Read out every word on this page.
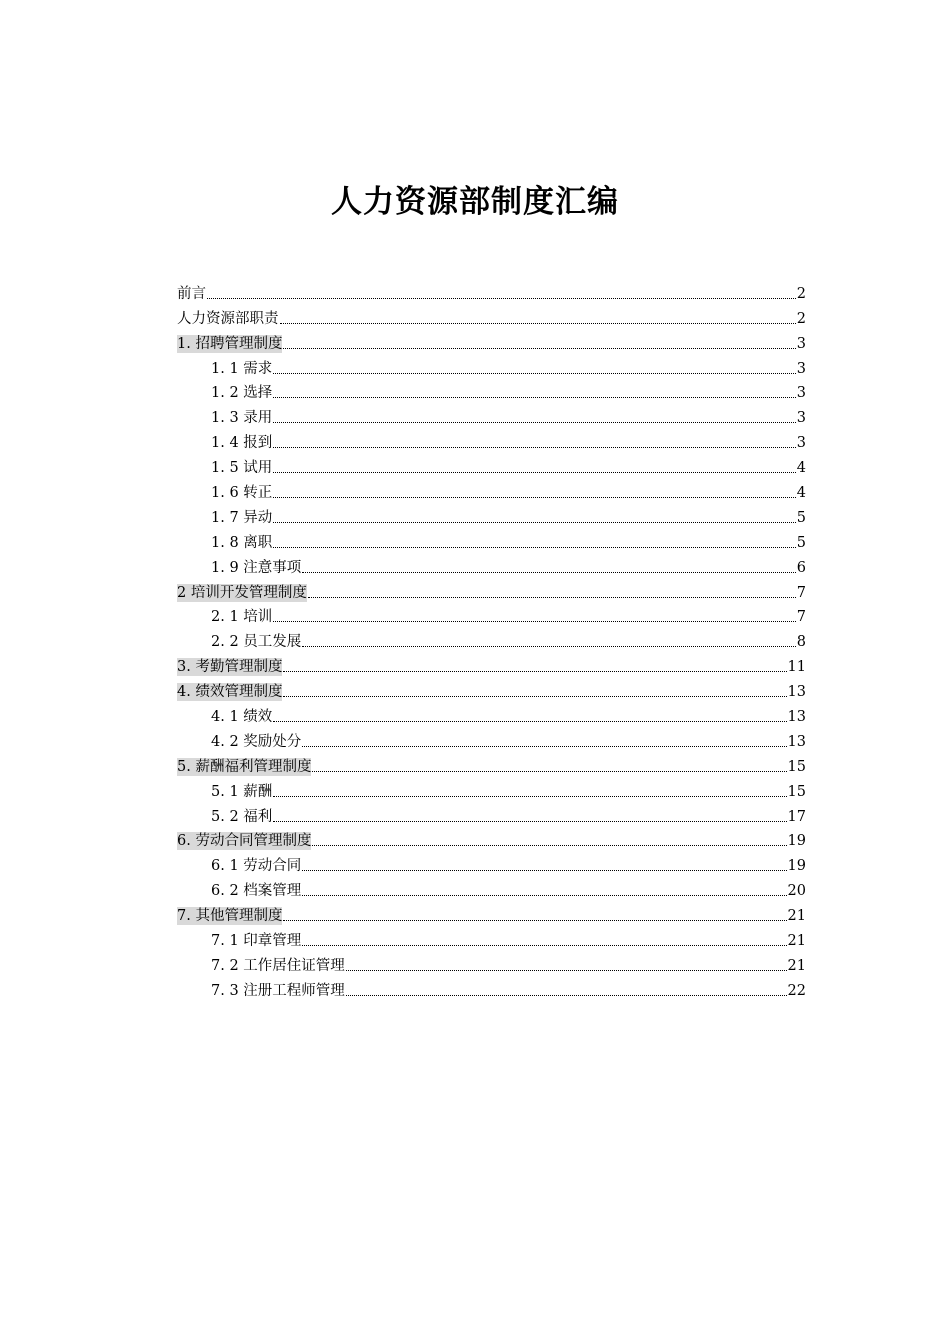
人力资源部制度汇编
前言	2
人力资源部职责	2
1. 招聘管理制度	3
1. 1 需求	3
1. 2 选择	3
1. 3 录用	3
1. 4 报到	3
1. 5 试用	4
1. 6 转正	4
1. 7 异动	5
1. 8 离职	5
1. 9 注意事项	6
2 培训开发管理制度	7
2. 1 培训	7
2. 2 员工发展	8
3. 考勤管理制度	11
4. 绩效管理制度	13
4. 1 绩效	13
4. 2 奖励处分	13
5. 薪酬福利管理制度	15
5. 1 薪酬	15
5. 2 福利	17
6. 劳动合同管理制度	19
6. 1 劳动合同	19
6. 2 档案管理	20
7. 其他管理制度	21
7. 1 印章管理	21
7. 2 工作居住证管理	21
7. 3 注册工程师管理	22
